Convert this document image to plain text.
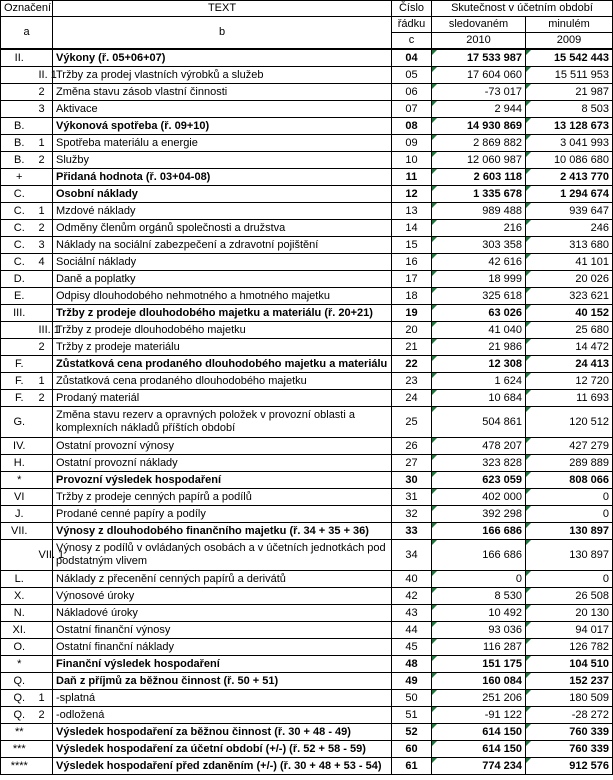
Označení		TEXT	Číslo	Skutečnost v účetním období	
a		b	řádku	sledovaném	minulém
			c	2010	2009
II.		Výkony (ř. 05+06+07)	04	17 533 987	15 542 443
	II. 1	Tržby za prodej vlastních výrobků a služeb	05	17 604 060	15 511 953
	2	Změna stavu zásob vlastní činnosti	06	-73 017	21 987
	3	Aktivace	07	2 944	8 503
B.		Výkonová spotřeba (ř. 09+10)	08	14 930 869	13 128 673
B.	1	Spotřeba materiálu a energie	09	2 869 882	3 041 993
B.	2	Služby	10	12 060 987	10 086 680
+		Přidaná hodnota (ř. 03+04-08)	11	2 603 118	2 413 770
C.		Osobní náklady	12	1 335 678	1 294 674
C.	1	Mzdové náklady	13	989 488	939 647
C.	2	Odměny členům orgánů společnosti a družstva	14	216	246
C.	3	Náklady na sociální zabezpečení a zdravotní pojištění	15	303 358	313 680
C.	4	Sociální náklady	16	42 616	41 101
D.		Daně a poplatky	17	18 999	20 026
E.		Odpisy dlouhodobého nehmotného a hmotného majetku	18	325 618	323 621
III.		Tržby z prodeje dlouhodobého majetku a materiálu (ř. 20+21)	19	63 026	40 152
	III. 1	Tržby z prodeje dlouhodobého majetku	20	41 040	25 680
	2	Tržby z prodeje materiálu	21	21 986	14 472
F.		Zůstatková cena prodaného dlouhodobého majetku a materiálu	22	12 308	24 413
F.	1	Zůstatková cena prodaného dlouhodobého majetku	23	1 624	12 720
F.	2	Prodaný materiál	24	10 684	11 693
G.		Změna stavu rezerv a opravných položek v provozní oblasti a komplexních nákladů příštích období	25	504 861	120 512
IV.		Ostatní provozní výnosy	26	478 207	427 279
H.		Ostatní provozní náklady	27	323 828	289 889
*		Provozní výsledek hospodaření	30	623 059	808 066
VI		Tržby z prodeje cenných papírů a podílů	31	402 000	0
J.		Prodané cenné papíry a podíly	32	392 298	0
VII.		Výnosy z dlouhodobého finančního majetku (ř. 34 + 35 + 36)	33	166 686	130 897
	VII. 1	Výnosy z podílů v ovládaných osobách a v účetních jednotkách pod podstatným vlivem	34	166 686	130 897
L.		Náklady z přecenění cenných papírů a derivátů	40	0	0
X.		Výnosové úroky	42	8 530	26 508
N.		Nákladové úroky	43	10 492	20 130
XI.		Ostatní finanční výnosy	44	93 036	94 017
O.		Ostatní finanční náklady	45	116 287	126 782
*		Finanční výsledek hospodaření	48	151 175	104 510
Q.		Daň z příjmů za běžnou činnost (ř. 50 + 51)	49	160 084	152 237
Q.	1	-splatná	50	251 206	180 509
Q.	2	-odložená	51	-91 122	-28 272
**		Výsledek hospodaření za běžnou činnost (ř. 30 + 48 - 49)	52	614 150	760 339
***		Výsledek hospodaření za účetní období (+/-) (ř. 52 + 58 - 59)	60	614 150	760 339
****		Výsledek hospodaření před zdaněním (+/-) (ř. 30 + 48 + 53 - 54)	61	774 234	912 576
